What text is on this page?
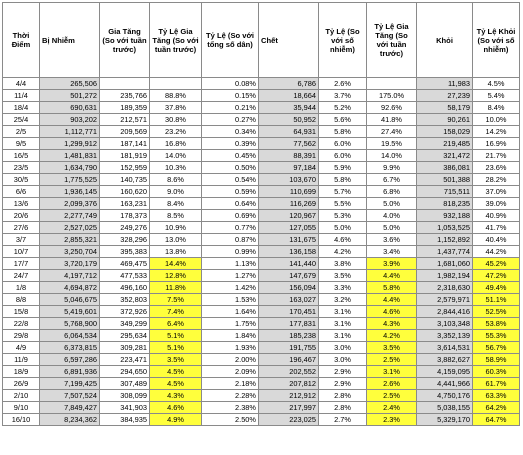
Thời Điểm	Bị Nhiễm	Gia Tăng (So với tuần trước)	Tỷ Lệ Gia Tăng (So với tuần trước)	Tỷ Lệ (So với tổng số dân)	Chết	Tỷ Lệ (So với số nhiễm)	Tỷ Lệ Gia Tăng (So với tuần trước)	Khỏi	Tỷ Lệ Khỏi (So với số nhiễm)
4/4	265,506			0.08%	6,786	2.6%		11,983	4.5%
11/4	501,272	235,766	88.8%	0.15%	18,664	3.7%	175.0%	27,239	5.4%
18/4	690,631	189,359	37.8%	0.21%	35,944	5.2%	92.6%	58,179	8.4%
25/4	903,202	212,571	30.8%	0.27%	50,952	5.6%	41.8%	90,261	10.0%
2/5	1,112,771	209,569	23.2%	0.34%	64,931	5.8%	27.4%	158,029	14.2%
9/5	1,299,912	187,141	16.8%	0.39%	77,562	6.0%	19.5%	219,485	16.9%
16/5	1,481,831	181,919	14.0%	0.45%	88,391	6.0%	14.0%	321,472	21.7%
23/5	1,634,790	152,959	10.3%	0.50%	97,184	5.9%	9.9%	386,081	23.6%
30/5	1,775,525	140,735	8.6%	0.54%	103,670	5.8%	6.7%	501,388	28.2%
6/6	1,936,145	160,620	9.0%	0.59%	110,699	5.7%	6.8%	715,511	37.0%
13/6	2,099,376	163,231	8.4%	0.64%	116,269	5.5%	5.0%	818,235	39.0%
20/6	2,277,749	178,373	8.5%	0.69%	120,967	5.3%	4.0%	932,188	40.9%
27/6	2,527,025	249,276	10.9%	0.77%	127,055	5.0%	5.0%	1,053,525	41.7%
3/7	2,855,321	328,296	13.0%	0.87%	131,675	4.6%	3.6%	1,152,892	40.4%
10/7	3,250,704	395,383	13.8%	0.99%	136,158	4.2%	3.4%	1,437,774	44.2%
17/7	3,720,179	469,475	14.4%	1.13%	141,440	3.8%	3.9%	1,681,060	45.2%
24/7	4,197,712	477,533	12.8%	1.27%	147,679	3.5%	4.4%	1,982,194	47.2%
1/8	4,694,872	496,160	11.8%	1.42%	156,094	3.3%	5.8%	2,318,630	49.4%
8/8	5,046,675	352,803	7.5%	1.53%	163,027	3.2%	4.4%	2,579,971	51.1%
15/8	5,419,601	372,926	7.4%	1.64%	170,451	3.1%	4.6%	2,844,416	52.5%
22/8	5,768,900	349,299	6.4%	1.75%	177,831	3.1%	4.3%	3,103,348	53.8%
29/8	6,064,534	295,634	5.1%	1.84%	185,238	3.1%	4.2%	3,352,139	55.3%
4/9	6,373,815	309,281	5.1%	1.93%	191,755	3.0%	3.5%	3,614,531	56.7%
11/9	6,597,286	223,471	3.5%	2.00%	196,467	3.0%	2.5%	3,882,627	58.9%
18/9	6,891,936	294,650	4.5%	2.09%	202,552	2.9%	3.1%	4,159,095	60.3%
26/9	7,199,425	307,489	4.5%	2.18%	207,812	2.9%	2.6%	4,441,966	61.7%
2/10	7,507,524	308,099	4.3%	2.28%	212,912	2.8%	2.5%	4,750,176	63.3%
9/10	7,849,427	341,903	4.6%	2.38%	217,997	2.8%	2.4%	5,038,155	64.2%
16/10	8,234,362	384,935	4.9%	2.50%	223,025	2.7%	2.3%	5,329,170	64.7%
